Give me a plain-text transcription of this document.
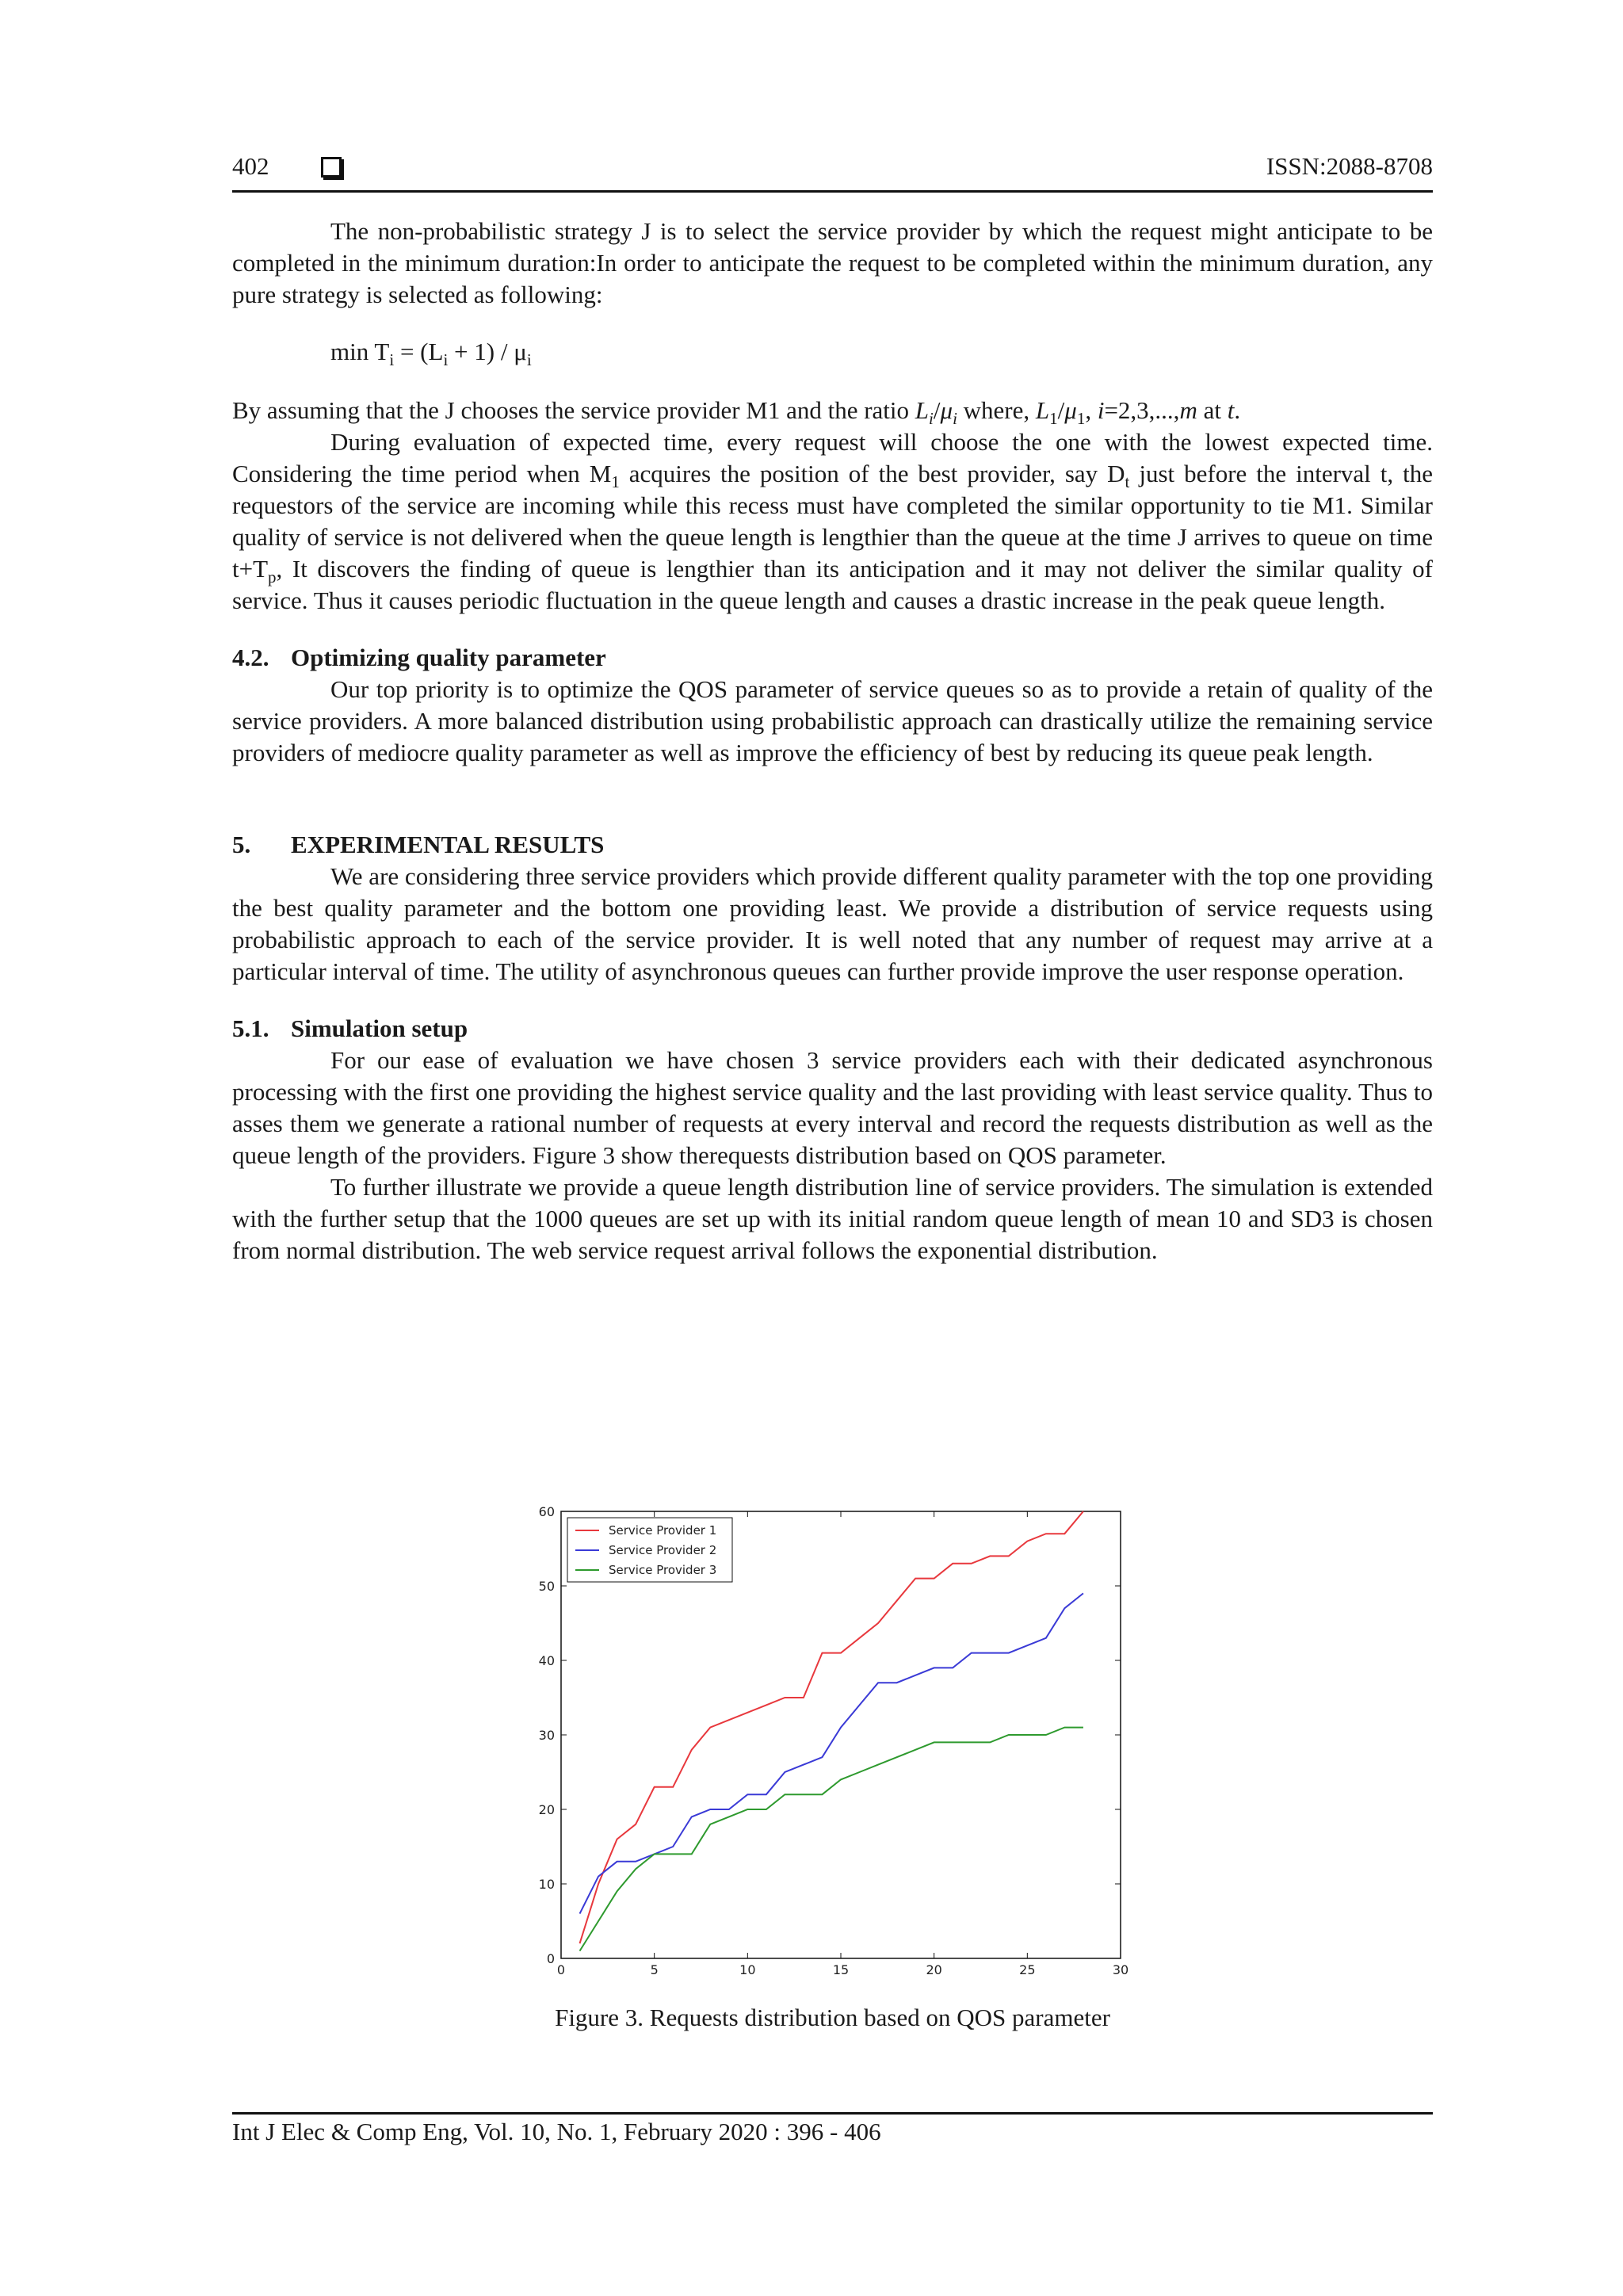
402	ISSN:2088-8708

The non-probabilistic strategy J is to select the service provider by which the request might anticipate to be completed in the minimum duration:In order to anticipate the request to be completed within the minimum duration, any pure strategy is selected as following:

$\min T_i = (L_i + 1) / \mu_i$

By assuming that the J chooses the service provider M1 and the ratio $L_i/\mu_i$ where, $L_1/\mu_1$, i=2,3,...,m at t.

During evaluation of expected time, every request will choose the one with the lowest expected time. Considering the time period when $M_1$ acquires the position of the best provider, say $D_t$ just before the interval t, the requestors of the service are incoming while this recess must have completed the similar opportunity to tie M1. Similar quality of service is not delivered when the queue length is lengthier than the queue at the time J arrives to queue on time $t+T_p$, It discovers the finding of queue is lengthier than its anticipation and it may not deliver the similar quality of service. Thus it causes periodic fluctuation in the queue length and causes a drastic increase in the peak queue length.

4.2. Optimizing quality parameter

Our top priority is to optimize the QOS parameter of service queues so as to provide a retain of quality of the service providers. A more balanced distribution using probabilistic approach can drastically utilize the remaining service providers of mediocre quality parameter as well as improve the efficiency of best by reducing its queue peak length.

5. EXPERIMENTAL RESULTS

We are considering three service providers which provide different quality parameter with the top one providing the best quality parameter and the bottom one providing least. We provide a distribution of service requests using probabilistic approach to each of the service provider. It is well noted that any number of request may arrive at a particular interval of time. The utility of asynchronous queues can further provide improve the user response operation.

5.1. Simulation setup

For our ease of evaluation we have chosen 3 service providers each with their dedicated asynchronous processing with the first one providing the highest service quality and the last providing with least service quality. Thus to asses them we generate a rational number of requests at every interval and record the requests distribution as well as the queue length of the providers. Figure 3 show therequests distribution based on QOS parameter.

To further illustrate we provide a queue length distribution line of service providers. The simulation is extended with the further setup that the 1000 queues are set up with its initial random queue length of mean 10 and SD3 is chosen from normal distribution. The web service request arrival follows the exponential distribution.

0	5	10	15	20	25	30
0
10
20
30
40
50
60
Service Provider 1
Service Provider 2
Service Provider 3
Figure 3. Requests distribution based on QOS parameter
Int J Elec & Comp Eng, Vol. 10, No. 1, February 2020 : 396 - 406
